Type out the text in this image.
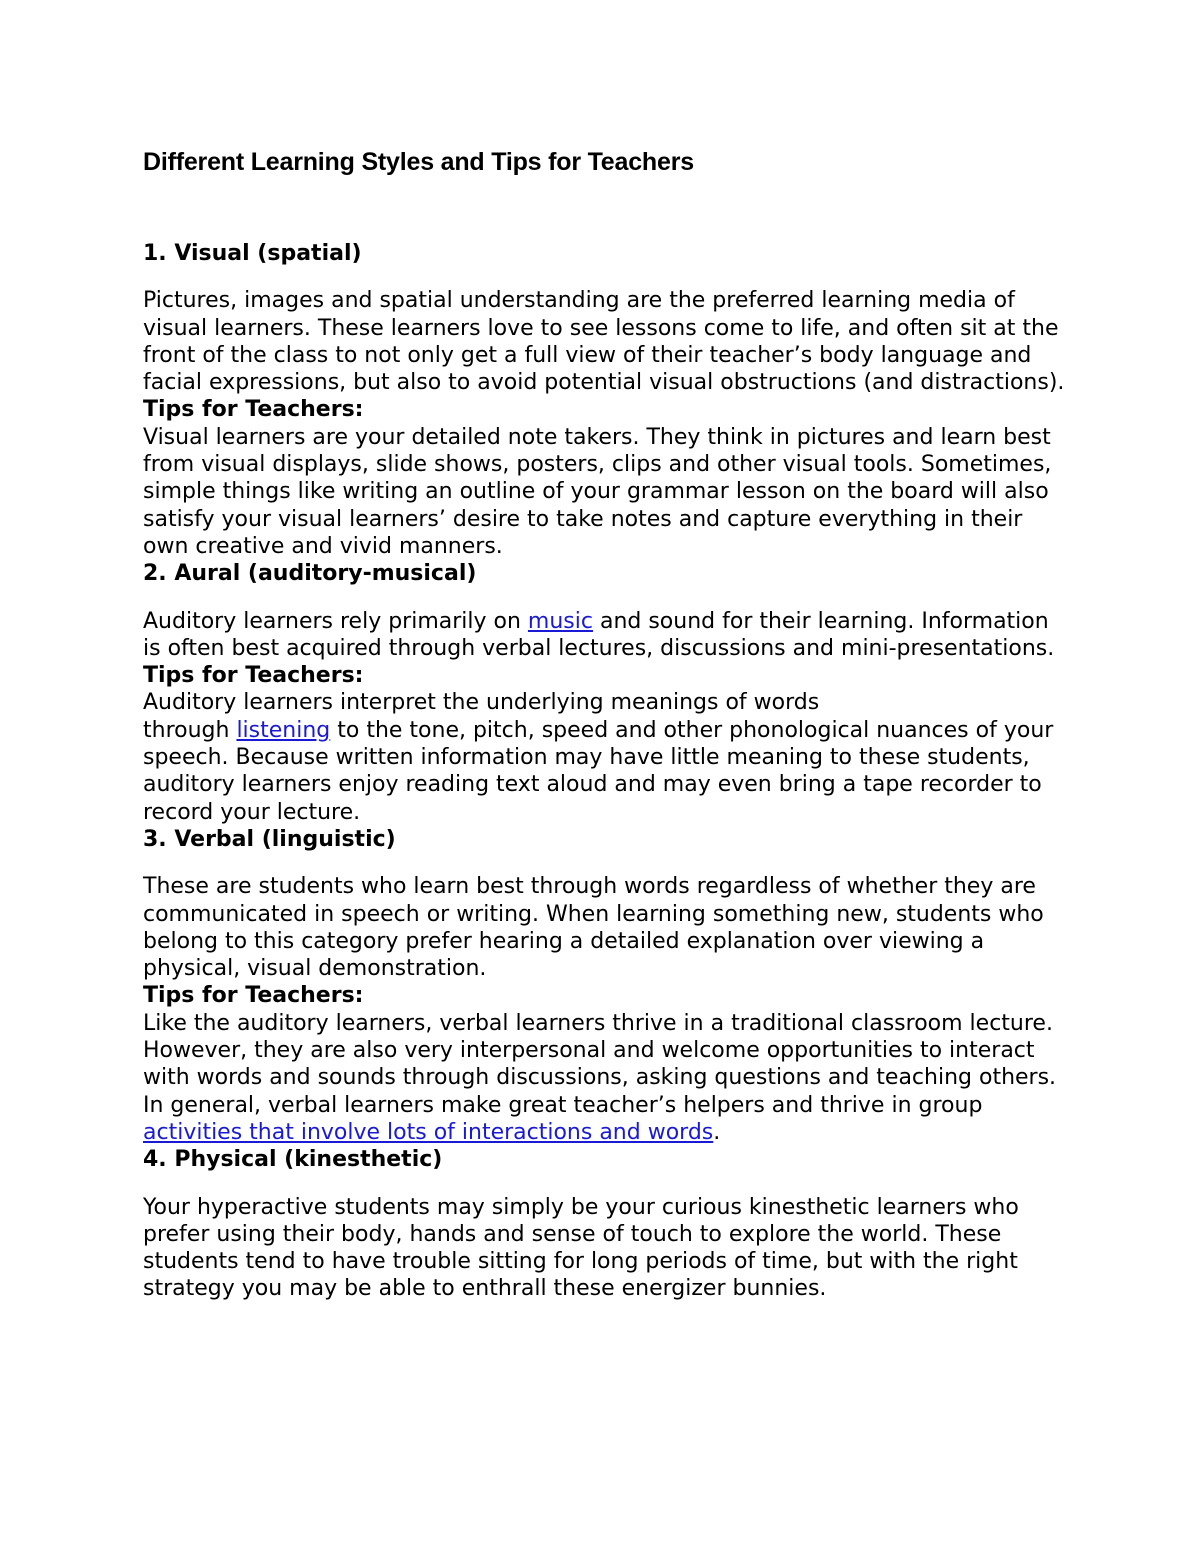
Different Learning Styles and Tips for Teachers
1. Visual (spatial)

Pictures, images and spatial understanding are the preferred learning media of visual learners. These learners love to see lessons come to life, and often sit at the front of the class to not only get a full view of their teacher’s body language and facial expressions, but also to avoid potential visual obstructions (and distractions).

Tips for Teachers:

Visual learners are your detailed note takers. They think in pictures and learn best from visual displays, slide shows, posters, clips and other visual tools. Sometimes, simple things like writing an outline of your grammar lesson on the board will also satisfy your visual learners’ desire to take notes and capture everything in their own creative and vivid manners.

2. Aural (auditory-musical)

Auditory learners rely primarily on music and sound for their learning. Information is often best acquired through verbal lectures, discussions and mini-presentations.

Tips for Teachers:

Auditory learners interpret the underlying meanings of words
through listening to the tone, pitch, speed and other phonological nuances of your speech. Because written information may have little meaning to these students, auditory learners enjoy reading text aloud and may even bring a tape recorder to record your lecture.

3. Verbal (linguistic)

These are students who learn best through words regardless of whether they are communicated in speech or writing. When learning something new, students who belong to this category prefer hearing a detailed explanation over viewing a physical, visual demonstration.

Tips for Teachers:

Like the auditory learners, verbal learners thrive in a traditional classroom lecture. However, they are also very interpersonal and welcome opportunities to interact with words and sounds through discussions, asking questions and teaching others. In general, verbal learners make great teacher’s helpers and thrive in group activities that involve lots of interactions and words.

4. Physical (kinesthetic)

Your hyperactive students may simply be your curious kinesthetic learners who prefer using their body, hands and sense of touch to explore the world. These students tend to have trouble sitting for long periods of time, but with the right strategy you may be able to enthrall these energizer bunnies.
